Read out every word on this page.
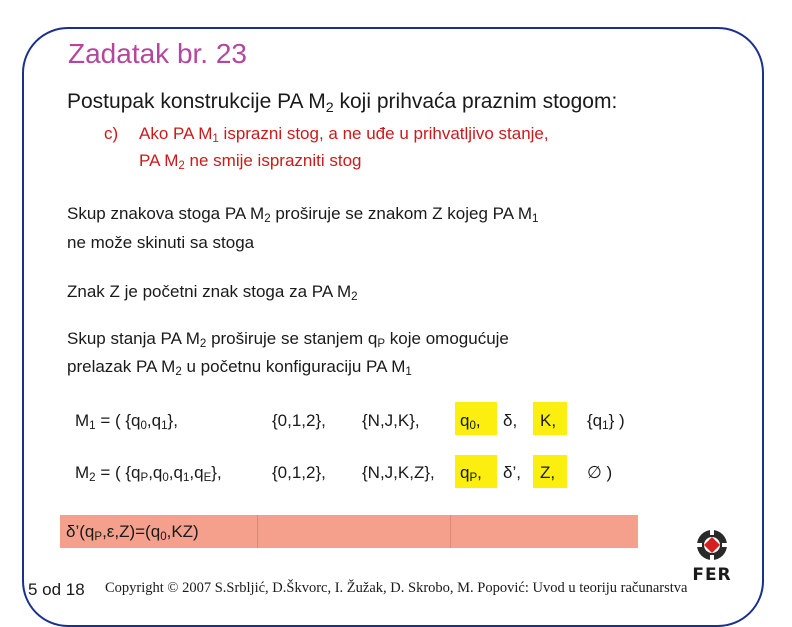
Zadatak br. 23
Postupak konstrukcije PA $M_2$ koji prihvaća praznim stogom:
c) Ako PA $M_1$ isprazni stog, a ne uđe u prihvatljivo stanje,
PA $M_2$ ne smije isprazniti stog
Skup znakova stoga PA $M_2$ proširuje se znakom Z kojeg PA $M_1$
ne može skinuti sa stoga
Znak Z je početni znak stoga za PA $M_2$
Skup stanja PA $M_2$ proširuje se stanjem $q_P$ koje omogućuje
prelazak PA $M_2$ u početnu konfiguraciju PA $M_1$
$M_1$ = ( $\{q_0,q_1\}$,	{0,1,2}, {N,J,K}, $q_0$, δ, K, $\{q_1\}$ )
$M_2$ = ( $\{q_P,q_0,q_1,q_E\}$,	{0,1,2}, {N,J,K,Z}, $q_P$, δ’, Z, ∅ )
$\delta’(q_P,\varepsilon,Z)=(q_0,KZ)$
5 od 18 Copyright © 2007 S.Srbljić, D.Škvorc, I. Žužak, D. Skrobo, M. Popović: Uvod u teoriju računarstva
FER
